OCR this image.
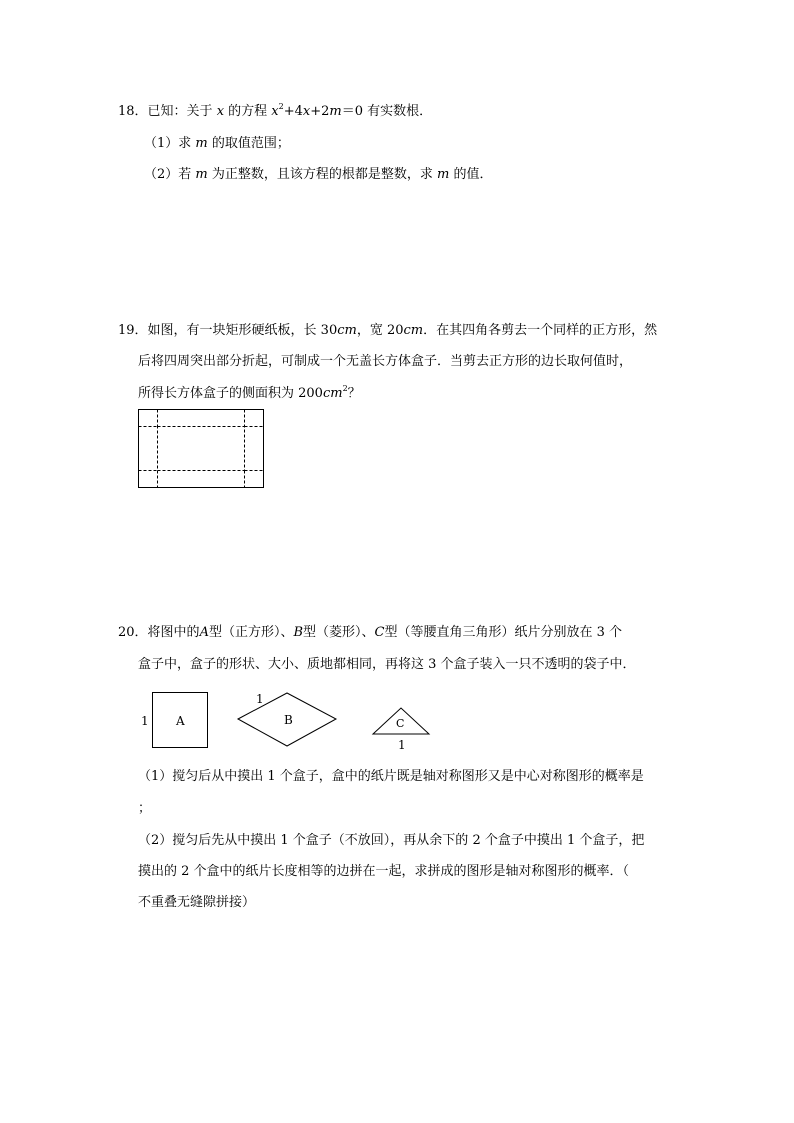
18．已知：关于 x 的方程 $x^2+4x+2m=0$ 有实数根．
（1）求 m 的取值范围；
（2）若 m 为正整数，且该方程的根都是整数，求 m 的值．
19．如图，有一块矩形硬纸板，长 30cm，宽 20cm．在其四角各剪去一个同样的正方形，然
后将四周突出部分折起，可制成一个无盖长方体盒子．当剪去正方形的边长取何值时，
所得长方体盒子的侧面积为 $200cm^2$？
20．将图中的A型（正方形）、B型（菱形）、C型（等腰直角三角形）纸片分别放在 3 个
盒子中，盒子的形状、大小、质地都相同，再将这 3 个盒子装入一只不透明的袋子中．
A
1	B
1
C
1
（1）搅匀后从中摸出 1 个盒子，盒中的纸片既是轴对称图形又是中心对称图形的概率是
；
（2）搅匀后先从中摸出 1 个盒子（不放回），再从余下的 2 个盒子中摸出 1 个盒子，把
摸出的 2 个盒中的纸片长度相等的边拼在一起，求拼成的图形是轴对称图形的概率．（
不重叠无缝隙拼接）
